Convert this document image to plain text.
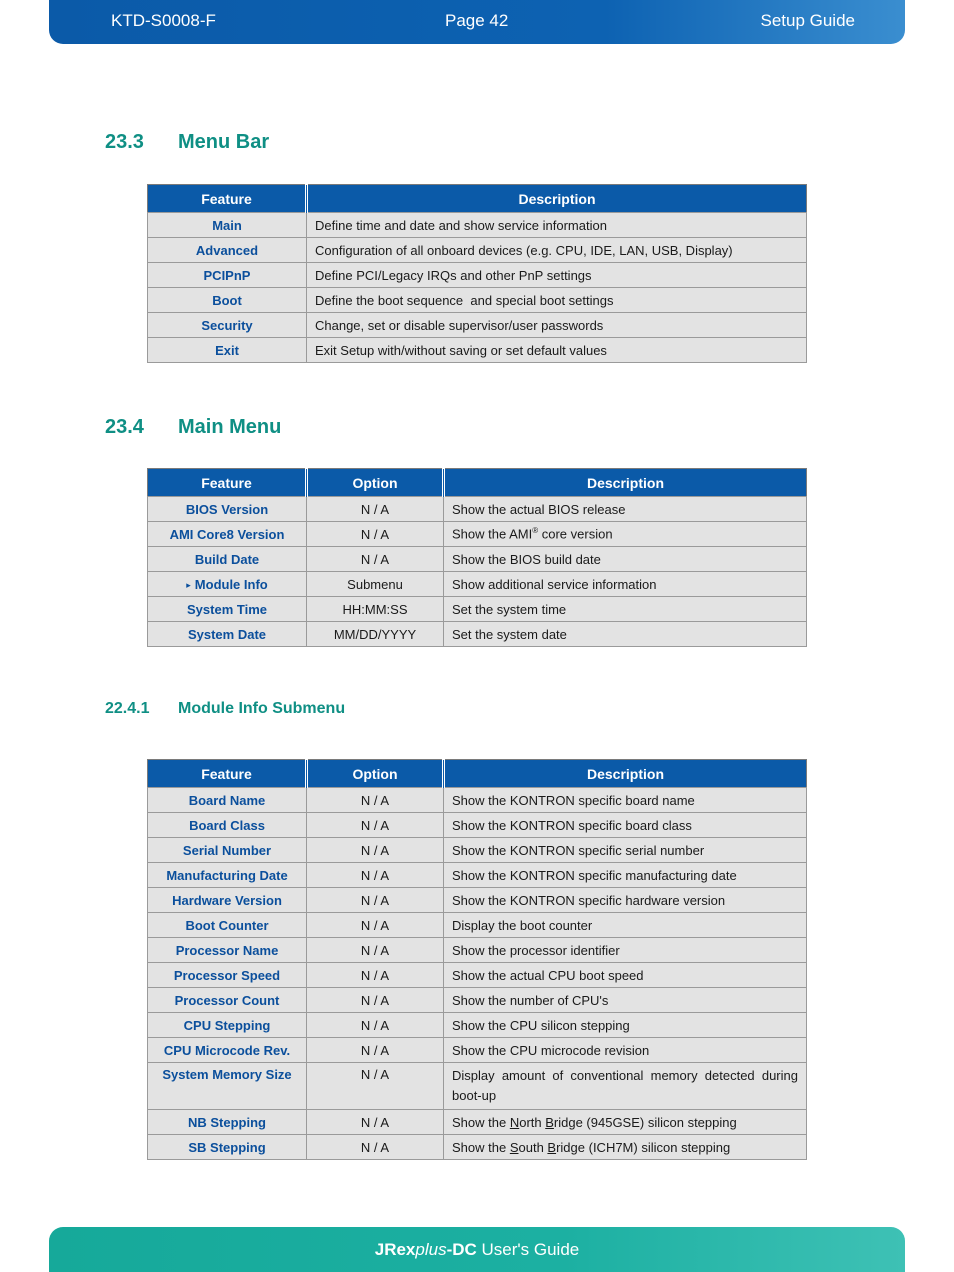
KTD-S0008-F	Page 42	Setup Guide
23.3 Menu Bar
Feature	Description
Main	Define time and date and show service information
Advanced	Configuration of all onboard devices (e.g. CPU, IDE, LAN, USB, Display)
PCIPnP	Define PCI/Legacy IRQs and other PnP settings
Boot	Define the boot sequence  and special boot settings
Security	Change, set or disable supervisor/user passwords
Exit	Exit Setup with/without saving or set default values
23.4 Main Menu
Feature	Option	Description
BIOS Version	N / A	Show the actual BIOS release
AMI Core8 Version	N / A	Show the AMI® core version
Build Date	N / A	Show the BIOS build date
▸ Module Info	Submenu	Show additional service information
System Time	HH:MM:SS	Set the system time
System Date	MM/DD/YYYY	Set the system date
22.4.1 Module Info Submenu
Feature	Option	Description
Board Name	N / A	Show the KONTRON specific board name
Board Class	N / A	Show the KONTRON specific board class
Serial Number	N / A	Show the KONTRON specific serial number
Manufacturing Date	N / A	Show the KONTRON specific manufacturing date
Hardware Version	N / A	Show the KONTRON specific hardware version
Boot Counter	N / A	Display the boot counter
Processor Name	N / A	Show the processor identifier
Processor Speed	N / A	Show the actual CPU boot speed
Processor Count	N / A	Show the number of CPU's
CPU Stepping	N / A	Show the CPU silicon stepping
CPU Microcode Rev.	N / A	Show the CPU microcode revision
System Memory Size	N / A	Display amount of conventional memory detected during boot-up
NB Stepping	N / A	Show the North Bridge (945GSE) silicon stepping
SB Stepping	N / A	Show the South Bridge (ICH7M) silicon stepping
JRex plus -DC User's Guide
